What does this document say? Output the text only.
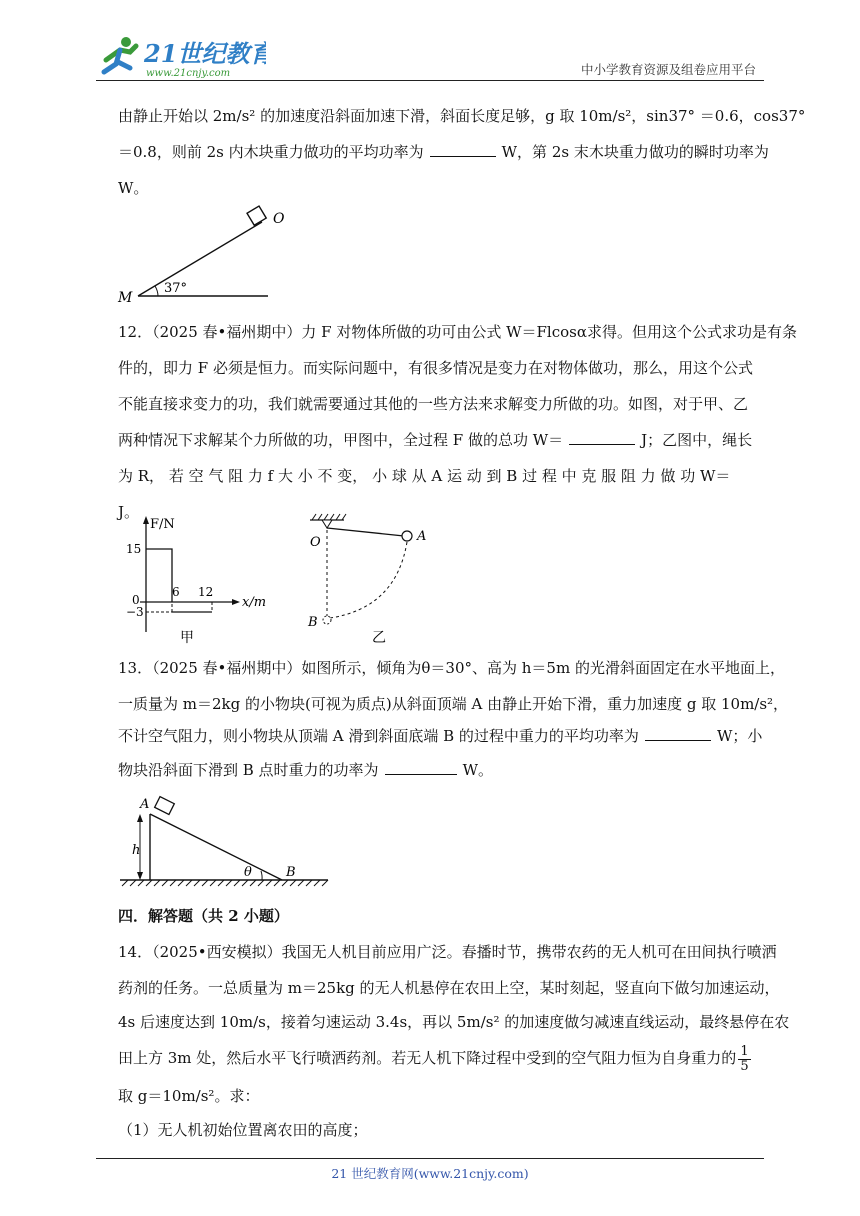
21世纪教育
www.21cnjy.com	中小学教育资源及组卷应用平台
由静止开始以 2m/s² 的加速度沿斜面加速下滑，斜面长度足够，g 取 10m/s²，sin37° ＝0.6，cos37°
＝0.8，则前 2s 内木块重力做功的平均功率为	W，第 2s 末木块重力做功的瞬时功率为
W。
O
M
37°
12．（2025 春•福州期中）力 F 对物体所做的功可由公式 W＝Flcosα求得。但用这个公式求功是有条
件的，即力 F 必须是恒力。而实际问题中，有很多情况是变力在对物体做功，那么，用这个公式
不能直接求变力的功，我们就需要通过其他的一些方法来求解变力所做的功。如图，对于甲、乙
两种情况下求解某个力所做的功，甲图中，全过程 F 做的总功 W＝	J；乙图中，绳长
为 R， 若 空 气 阻 力 f 大 小 不 变， 小 球 从 A 运 动 到 B 过 程 中 克 服 阻 力 做 功 W＝
J。
F/N
x/m
15
0
−3
6 12
甲
O	A
B
乙
13．（2025 春•福州期中）如图所示，倾角为θ＝30°、高为 h＝5m 的光滑斜面固定在水平地面上，
一质量为 m＝2kg 的小物块(可视为质点)从斜面顶端 A 由静止开始下滑，重力加速度 g 取 10m/s²，
不计空气阻力，则小物块从顶端 A 滑到斜面底端 B 的过程中重力的平均功率为	W；小
物块沿斜面下滑到 B 点时重力的功率为	W。
A
B
h
θ
四．解答题（共 2 小题）
14．（2025•西安模拟）我国无人机目前应用广泛。春播时节，携带农药的无人机可在田间执行喷洒
药剂的任务。一总质量为 m＝25kg 的无人机悬停在农田上空，某时刻起，竖直向下做匀加速运动，
4s 后速度达到 10m/s，接着匀速运动 3.4s，再以 5m/s² 的加速度做匀减速直线运动，最终悬停在农
田上方 3m 处，然后水平飞行喷洒药剂。若无人机下降过程中受到的空气阻力恒为自身重力的 $\frac{1}{5}$
取 g＝10m/s²。求：
（1）无人机初始位置离农田的高度；
21 世纪教育网(www.21cnjy.com)
